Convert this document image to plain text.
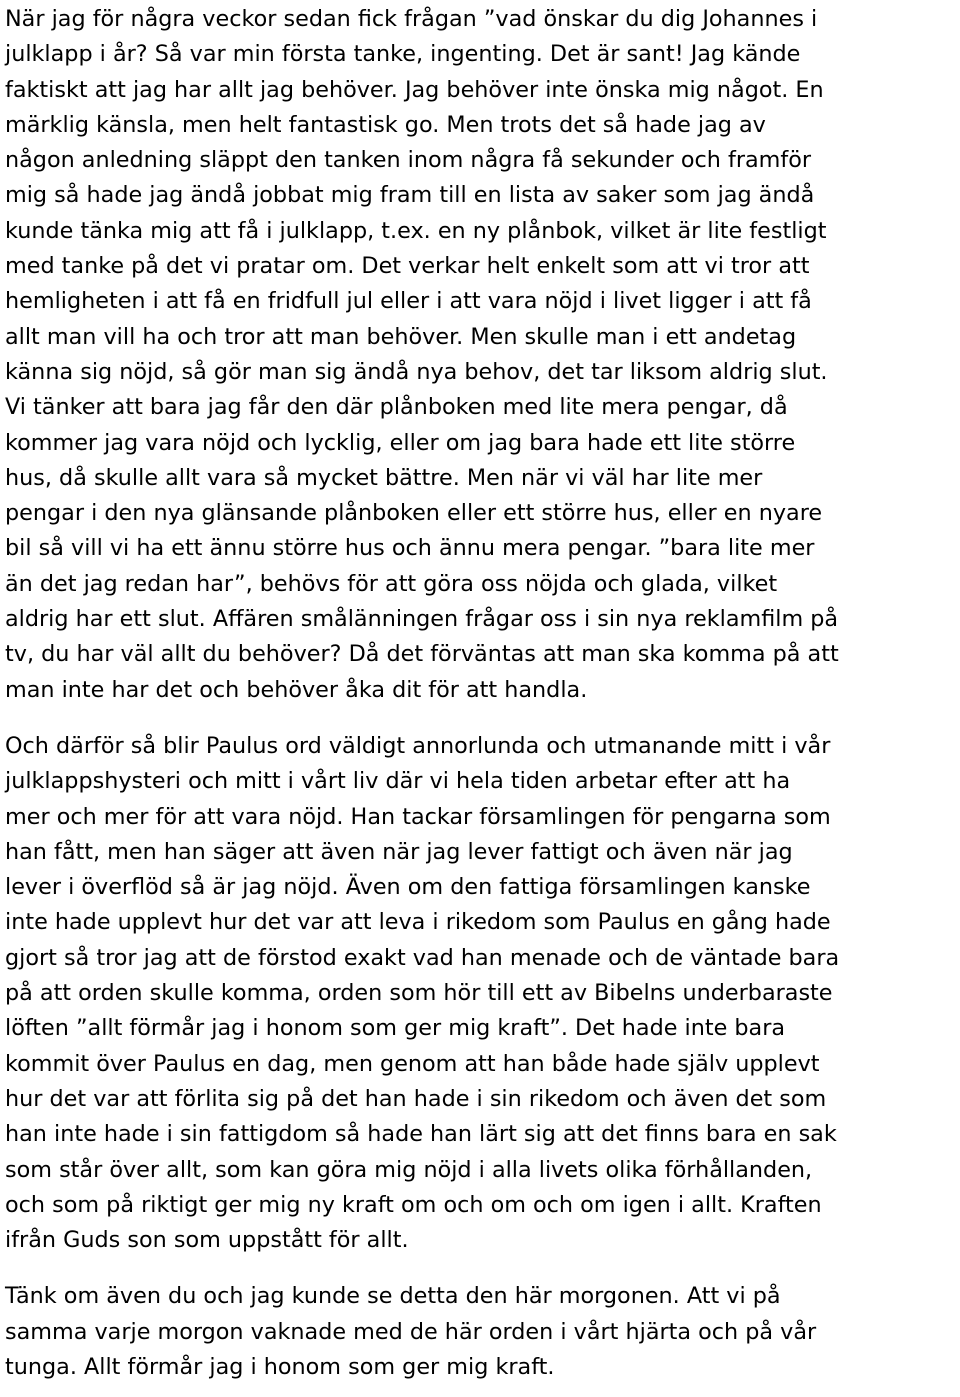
När jag för några veckor sedan fick frågan ”vad önskar du dig Johannes i
julklapp i år? Så var min första tanke, ingenting. Det är sant! Jag kände
faktiskt att jag har allt jag behöver. Jag behöver inte önska mig något. En
märklig känsla, men helt fantastisk go. Men trots det så hade jag av
någon anledning släppt den tanken inom några få sekunder och framför
mig så hade jag ändå jobbat mig fram till en lista av saker som jag ändå
kunde tänka mig att få i julklapp, t.ex. en ny plånbok, vilket är lite festligt
med tanke på det vi pratar om. Det verkar helt enkelt som att vi tror att
hemligheten i att få en fridfull jul eller i att vara nöjd i livet ligger i att få
allt man vill ha och tror att man behöver. Men skulle man i ett andetag
känna sig nöjd, så gör man sig ändå nya behov, det tar liksom aldrig slut.
Vi tänker att bara jag får den där plånboken med lite mera pengar, då
kommer jag vara nöjd och lycklig, eller om jag bara hade ett lite större
hus, då skulle allt vara så mycket bättre. Men när vi väl har lite mer
pengar i den nya glänsande plånboken eller ett större hus, eller en nyare
bil så vill vi ha ett ännu större hus och ännu mera pengar. ”bara lite mer
än det jag redan har”, behövs för att göra oss nöjda och glada, vilket
aldrig har ett slut. Affären smålänningen frågar oss i sin nya reklamfilm på
tv, du har väl allt du behöver? Då det förväntas att man ska komma på att
man inte har det och behöver åka dit för att handla.
Och därför så blir Paulus ord väldigt annorlunda och utmanande mitt i vår
julklappshysteri och mitt i vårt liv där vi hela tiden arbetar efter att ha
mer och mer för att vara nöjd. Han tackar församlingen för pengarna som
han fått, men han säger att även när jag lever fattigt och även när jag
lever i överflöd så är jag nöjd. Även om den fattiga församlingen kanske
inte hade upplevt hur det var att leva i rikedom som Paulus en gång hade
gjort så tror jag att de förstod exakt vad han menade och de väntade bara
på att orden skulle komma, orden som hör till ett av Bibelns underbaraste
löften ”allt förmår jag i honom som ger mig kraft”. Det hade inte bara
kommit över Paulus en dag, men genom att han både hade själv upplevt
hur det var att förlita sig på det han hade i sin rikedom och även det som
han inte hade i sin fattigdom så hade han lärt sig att det finns bara en sak
som står över allt, som kan göra mig nöjd i alla livets olika förhållanden,
och som på riktigt ger mig ny kraft om och om och om igen i allt. Kraften
ifrån Guds son som uppstått för allt.
Tänk om även du och jag kunde se detta den här morgonen. Att vi på
samma varje morgon vaknade med de här orden i vårt hjärta och på vår
tunga. Allt förmår jag i honom som ger mig kraft.
